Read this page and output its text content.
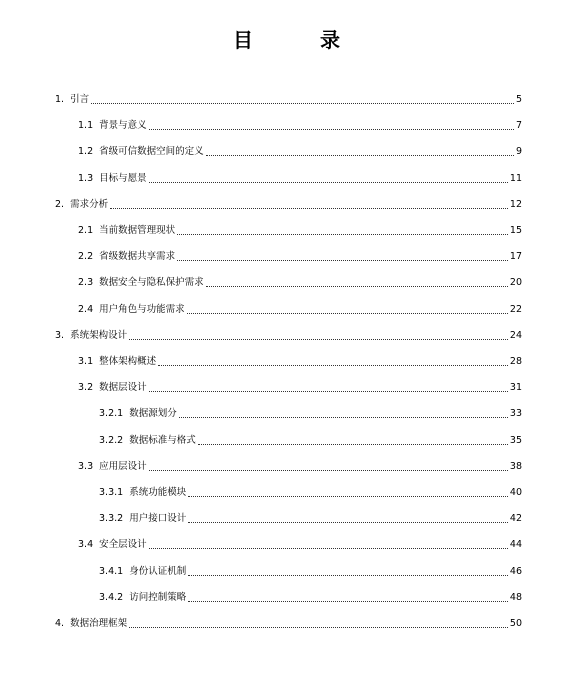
目 录
1. 引言	5
1.1 背景与意义	7
1.2 省级可信数据空间的定义	9
1.3 目标与愿景	11
2. 需求分析	12
2.1 当前数据管理现状	15
2.2 省级数据共享需求	17
2.3 数据安全与隐私保护需求	20
2.4 用户角色与功能需求	22
3. 系统架构设计	24
3.1 整体架构概述	28
3.2 数据层设计	31
3.2.1 数据源划分	33
3.2.2 数据标准与格式	35
3.3 应用层设计	38
3.3.1 系统功能模块	40
3.3.2 用户接口设计	42
3.4 安全层设计	44
3.4.1 身份认证机制	46
3.4.2 访问控制策略	48
4. 数据治理框架	50
